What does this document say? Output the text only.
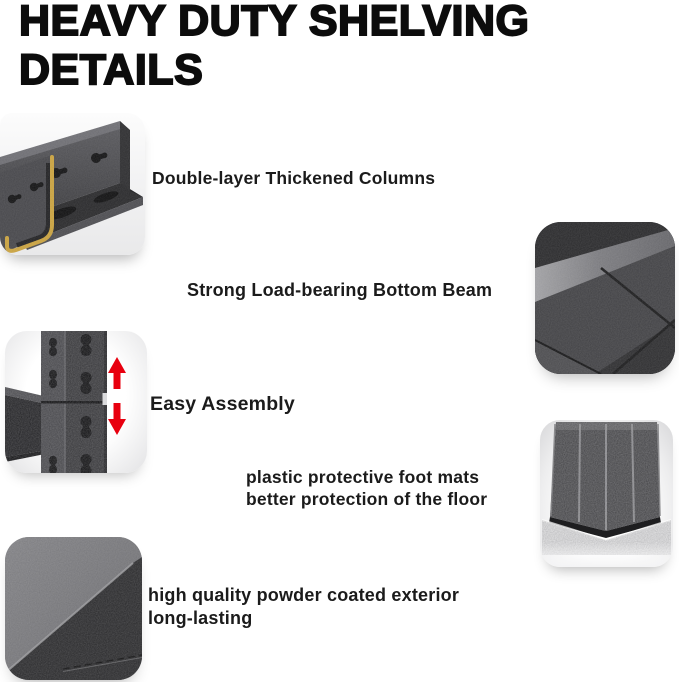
HEAVY DUTY SHELVING
DETAILS
Double-layer Thickened Columns
Strong Load-bearing Bottom Beam
Easy Assembly
plastic protective foot mats
better protection of the floor
high quality powder coated exterior
long-lasting
